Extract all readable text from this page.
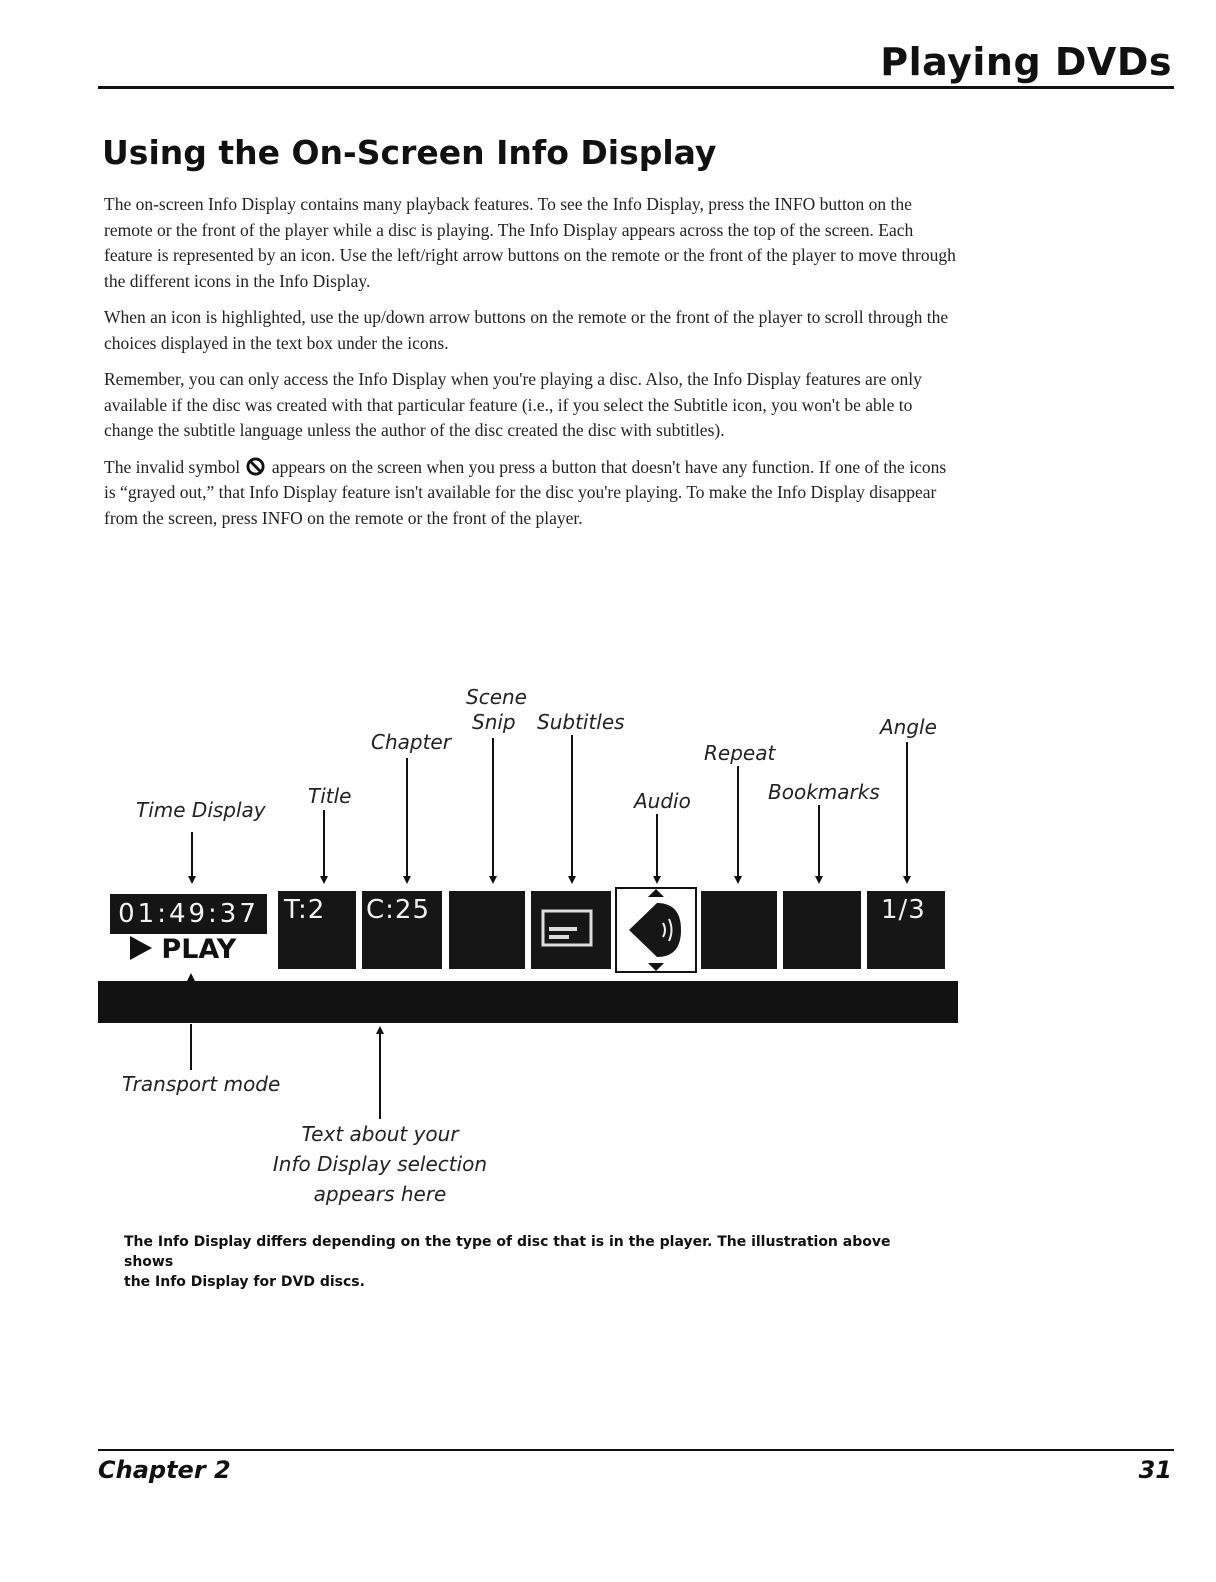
Playing DVDs
Using the On-Screen Info Display

The on-screen Info Display contains many playback features. To see the Info Display, press the INFO button on the remote or the front of the player while a disc is playing. The Info Display appears across the top of the screen. Each feature is represented by an icon. Use the left/right arrow buttons on the remote or the front of the player to move through the different icons in the Info Display.

When an icon is highlighted, use the up/down arrow buttons on the remote or the front of the player to scroll through the choices displayed in the text box under the icons.

Remember, you can only access the Info Display when you're playing a disc. Also, the Info Display features are only available if the disc was created with that particular feature (i.e., if you select the Subtitle icon, you won't be able to change the subtitle language unless the author of the disc created the disc with subtitles).

The invalid symbol appears on the screen when you press a button that doesn't have any function. If one of the icons is “grayed out,” that Info Display feature isn't available for the disc you're playing. To make the Info Display disappear from the screen, press INFO on the remote or the front of the player.

Time Display
Title
Chapter
Scene
Snip Subtitles
Audio
Repeat
Bookmarks
Angle
01:49:37
PLAY
T:2 C:25	1/3
Transport mode
Text about your
Info Display selection
appears here
The Info Display differs depending on the type of disc that is in the player. The illustration above shows
the Info Display for DVD discs.
Chapter 2	31
